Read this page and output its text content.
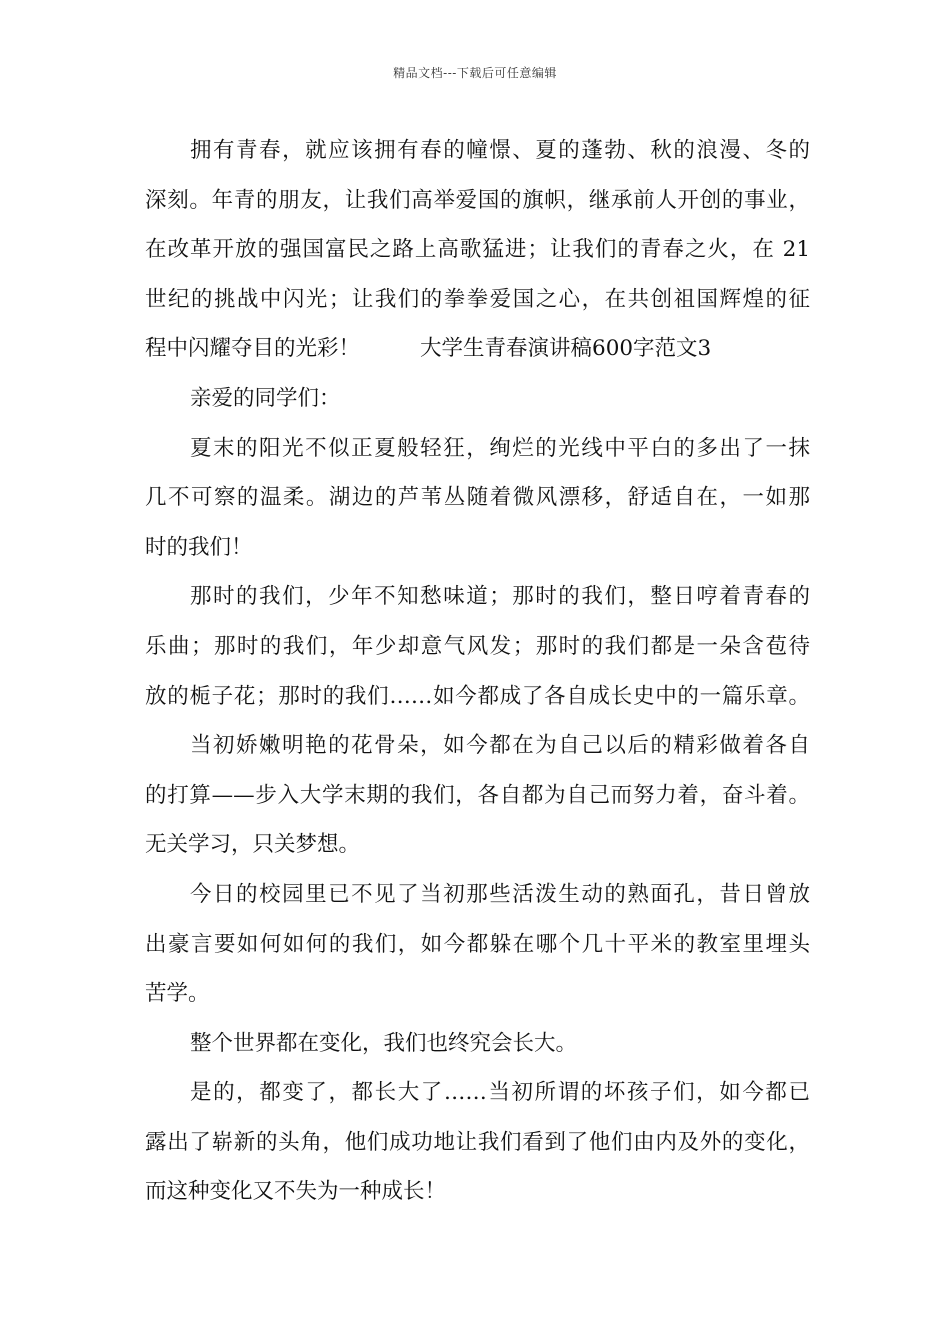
精品文档---下载后可任意编辑
拥有青春，就应该拥有春的幢憬、夏的蓬勃、秋的浪漫、冬的
深刻。年青的朋友，让我们高举爱国的旗帜，继承前人开创的事业，
在改革开放的强国富民之路上高歌猛进；让我们的青春之火，在 21
世纪的挑战中闪光；让我们的拳拳爱国之心，在共创祖国辉煌的征
程中闪耀夺目的光彩！	大学生青春演讲稿600字范文3
亲爱的同学们：
夏末的阳光不似正夏般轻狂，绚烂的光线中平白的多出了一抹
几不可察的温柔。湖边的芦苇丛随着微风漂移，舒适自在，一如那
时的我们！
那时的我们，少年不知愁味道；那时的我们，整日哼着青春的
乐曲；那时的我们，年少却意气风发；那时的我们都是一朵含苞待
放的栀子花；那时的我们……如今都成了各自成长史中的一篇乐章。
当初娇嫩明艳的花骨朵，如今都在为自己以后的精彩做着各自
的打算——步入大学末期的我们，各自都为自己而努力着，奋斗着。
无关学习，只关梦想。
今日的校园里已不见了当初那些活泼生动的熟面孔，昔日曾放
出豪言要如何如何的我们，如今都躲在哪个几十平米的教室里埋头
苦学。
整个世界都在变化，我们也终究会长大。
是的，都变了，都长大了……当初所谓的坏孩子们，如今都已
露出了崭新的头角，他们成功地让我们看到了他们由内及外的变化，
而这种变化又不失为一种成长！
